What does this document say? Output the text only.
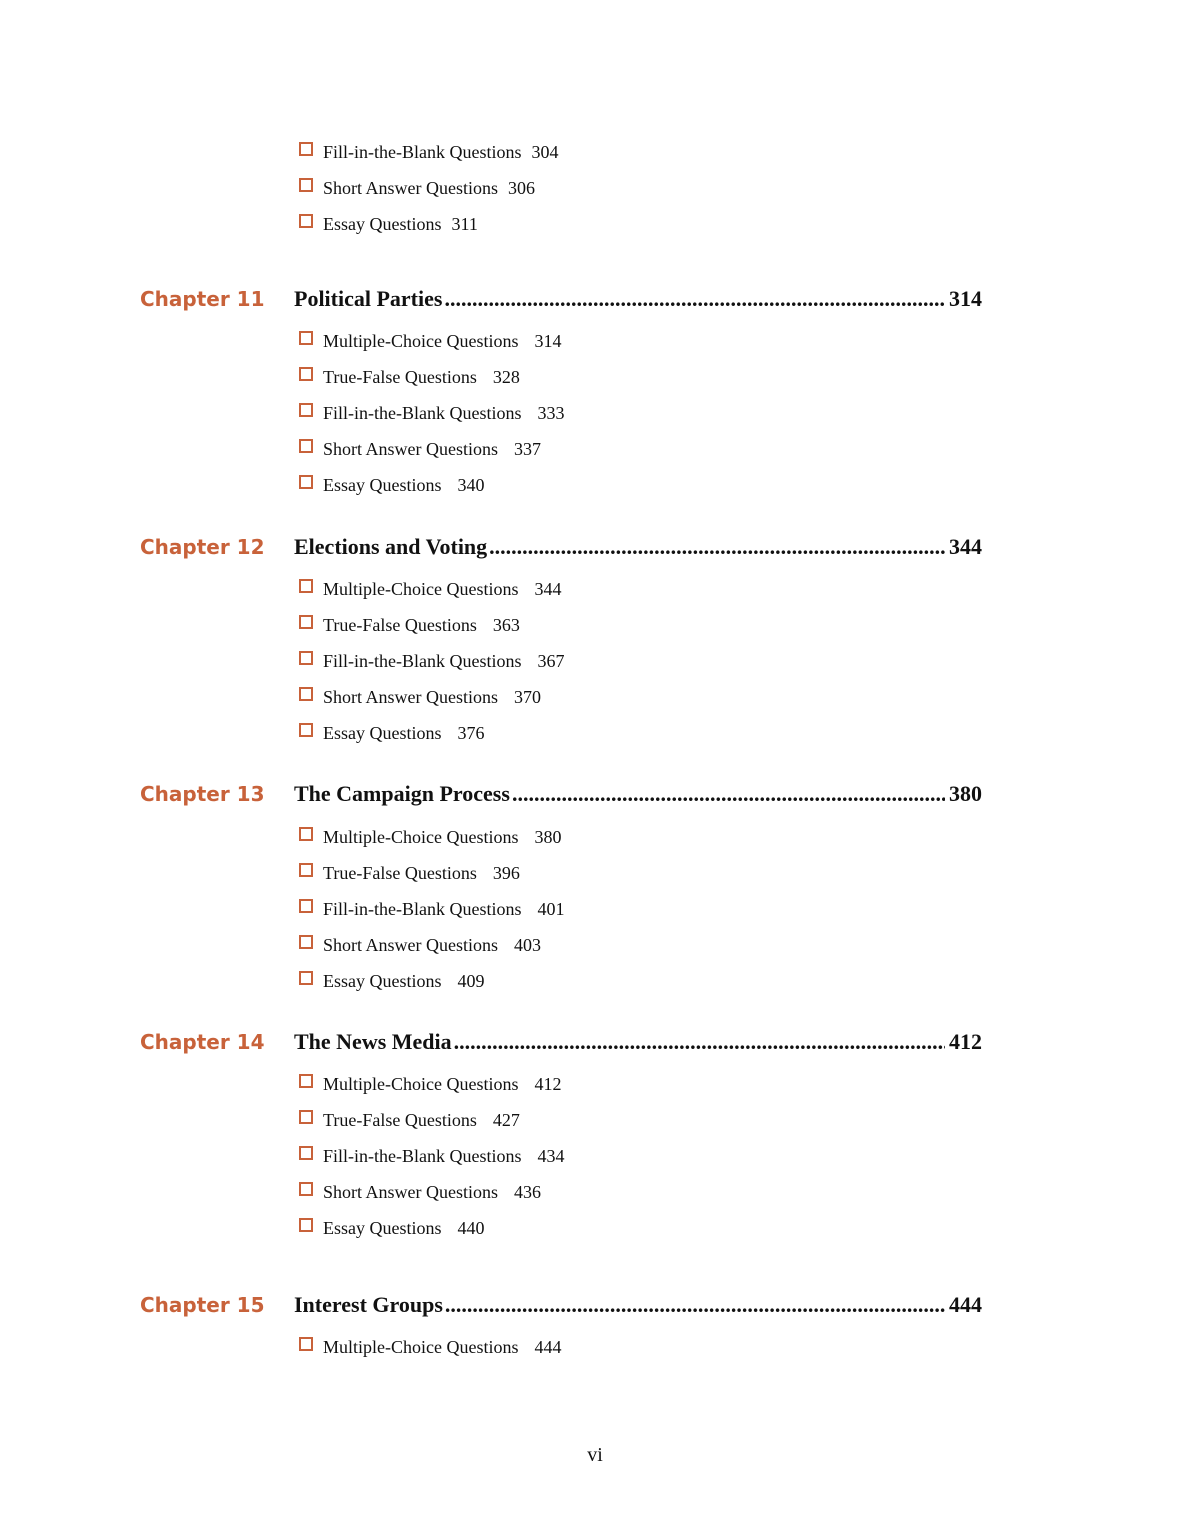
Fill-in-the-Blank Questions 304
Short Answer Questions 306
Essay Questions 311
Chapter 11	Political Parties .....	314
Multiple-Choice Questions 314
True-False Questions 328
Fill-in-the-Blank Questions 333
Short Answer Questions 337
Essay Questions 340
Chapter 12	Elections and Voting .....	344
Multiple-Choice Questions 344
True-False Questions 363
Fill-in-the-Blank Questions 367
Short Answer Questions 370
Essay Questions 376
Chapter 13	The Campaign Process .....	380
Multiple-Choice Questions 380
True-False Questions 396
Fill-in-the-Blank Questions 401
Short Answer Questions 403
Essay Questions 409
Chapter 14	The News Media .....	412
Multiple-Choice Questions 412
True-False Questions 427
Fill-in-the-Blank Questions 434
Short Answer Questions 436
Essay Questions 440
Chapter 15	Interest Groups .....	444
Multiple-Choice Questions 444
vi
